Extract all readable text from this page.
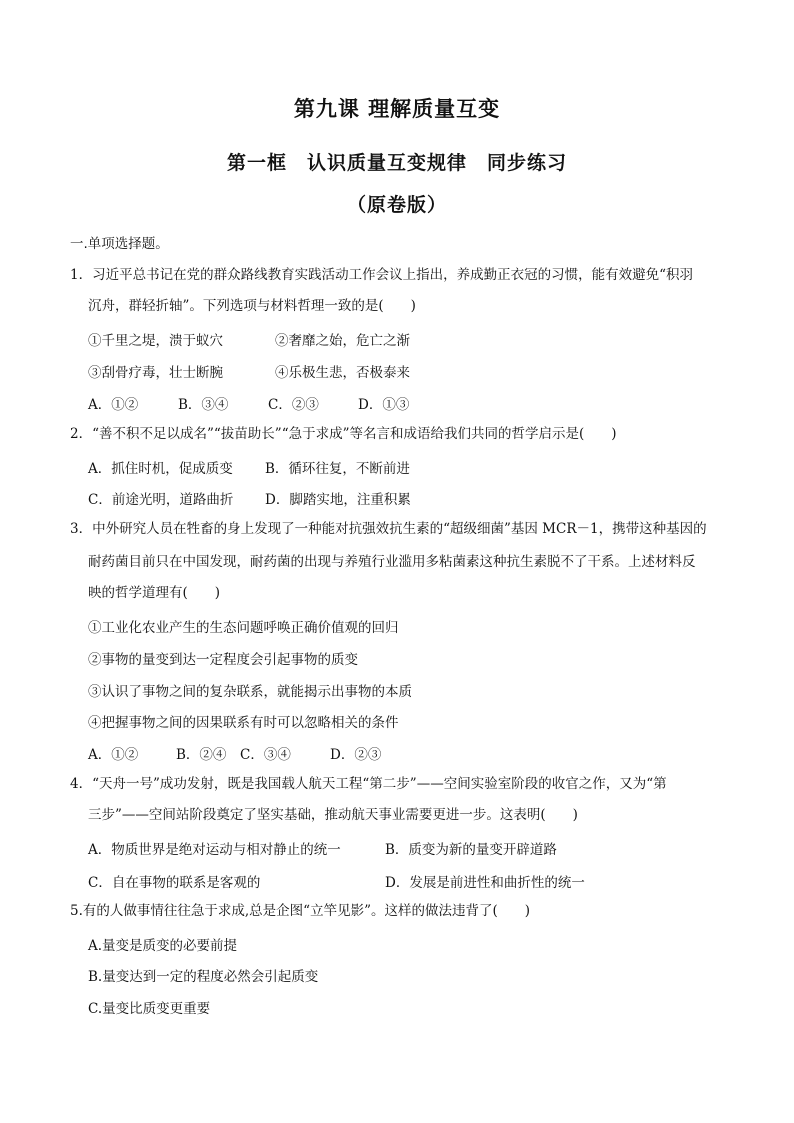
第九课 理解质量互变
第一框　认识质量互变规律　同步练习
（原卷版）
一.单项选择题。
1．习近平总书记在党的群众路线教育实践活动工作会议上指出，养成勤正衣冠的习惯，能有效避免“积羽
沉舟，群轻折轴”。下列选项与材料哲理一致的是(　　)
①千里之堤，溃于蚁穴	②奢靡之始，危亡之渐
③刮骨疗毒，壮士断腕	④乐极生悲，否极泰来
A．①②	B．③④	C．②③	D．①③
2．“善不积不足以成名”“拔苗助长”“急于求成”等名言和成语给我们共同的哲学启示是(　　)
A．抓住时机，促成质变 B．循环往复，不断前进
C．前途光明，道路曲折 D．脚踏实地，注重积累
3．中外研究人员在牲畜的身上发现了一种能对抗强效抗生素的“超级细菌”基因 MCR－1，携带这种基因的
耐药菌目前只在中国发现，耐药菌的出现与养殖行业滥用多粘菌素这种抗生素脱不了干系。上述材料反
映的哲学道理有(　　)
①工业化农业产生的生态问题呼唤正确价值观的回归
②事物的量变到达一定程度会引起事物的质变
③认识了事物之间的复杂联系，就能揭示出事物的本质
④把握事物之间的因果联系有时可以忽略相关的条件
A．①②	B．②④ C．③④	D．②③
4．“天舟一号”成功发射，既是我国载人航天工程“第二步”——空间实验室阶段的收官之作，又为“第
三步”——空间站阶段奠定了坚实基础，推动航天事业需要更进一步。这表明(　　)
A．物质世界是绝对运动与相对静止的统一	B．质变为新的量变开辟道路
C．自在事物的联系是客观的	D．发展是前进性和曲折性的统一
5.有的人做事情往往急于求成,总是企图“立竿见影”。这样的做法违背了(　　)
A.量变是质变的必要前提
B.量变达到一定的程度必然会引起质变
C.量变比质变更重要
